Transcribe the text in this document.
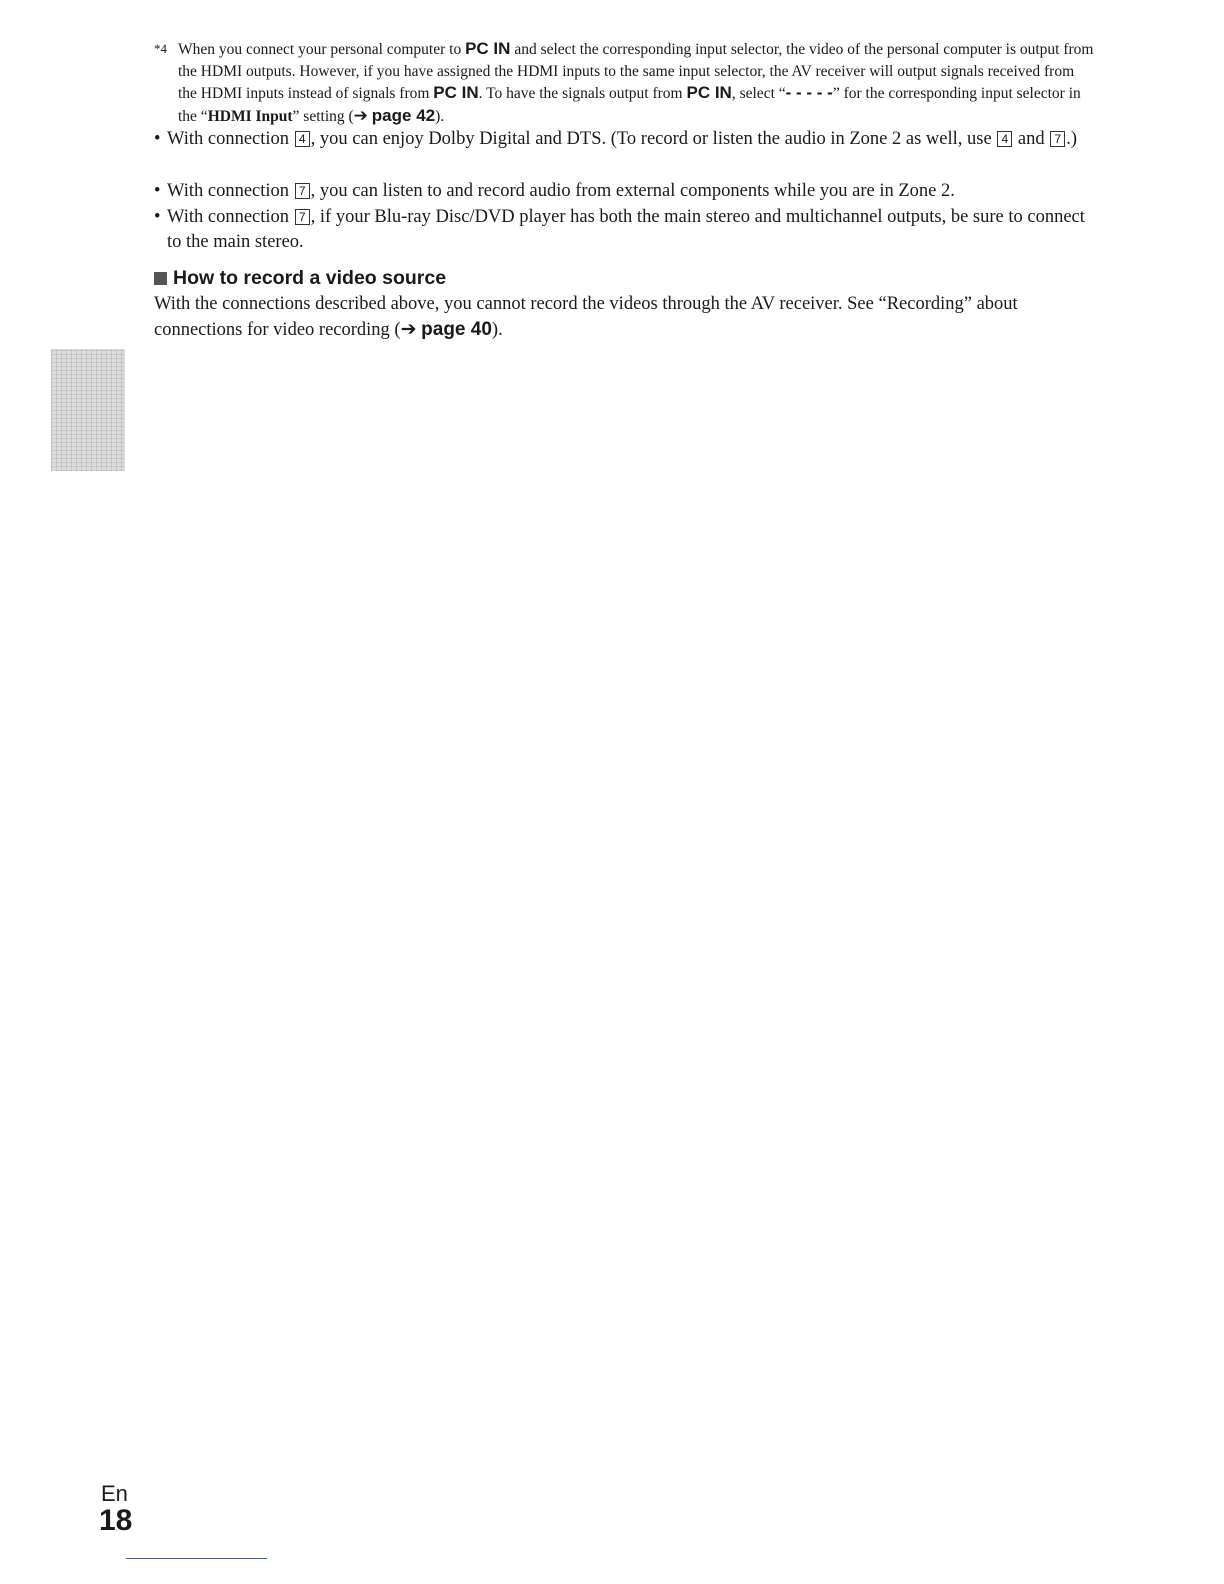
*4 When you connect your personal computer to PC IN and select the corresponding input selector, the video of the personal computer is output from the HDMI outputs. However, if you have assigned the HDMI inputs to the same input selector, the AV receiver will output signals received from the HDMI inputs instead of signals from PC IN. To have the signals output from PC IN, select “- - - - -” for the corresponding input selector in the “HDMI Input” setting (➔ page 42).
• With connection 4 , you can enjoy Dolby Digital and DTS. (To record or listen the audio in Zone 2 as well, use 4 and 7 .)
• With connection 7 , you can listen to and record audio from external components while you are in Zone 2.
• With connection 7 , if your Blu-ray Disc/DVD player has both the main stereo and multichannel outputs, be sure to connect to the main stereo.
How to record a video source
With the connections described above, you cannot record the videos through the AV receiver. See “Recording” about connections for video recording (➔ page 40).
En
18
